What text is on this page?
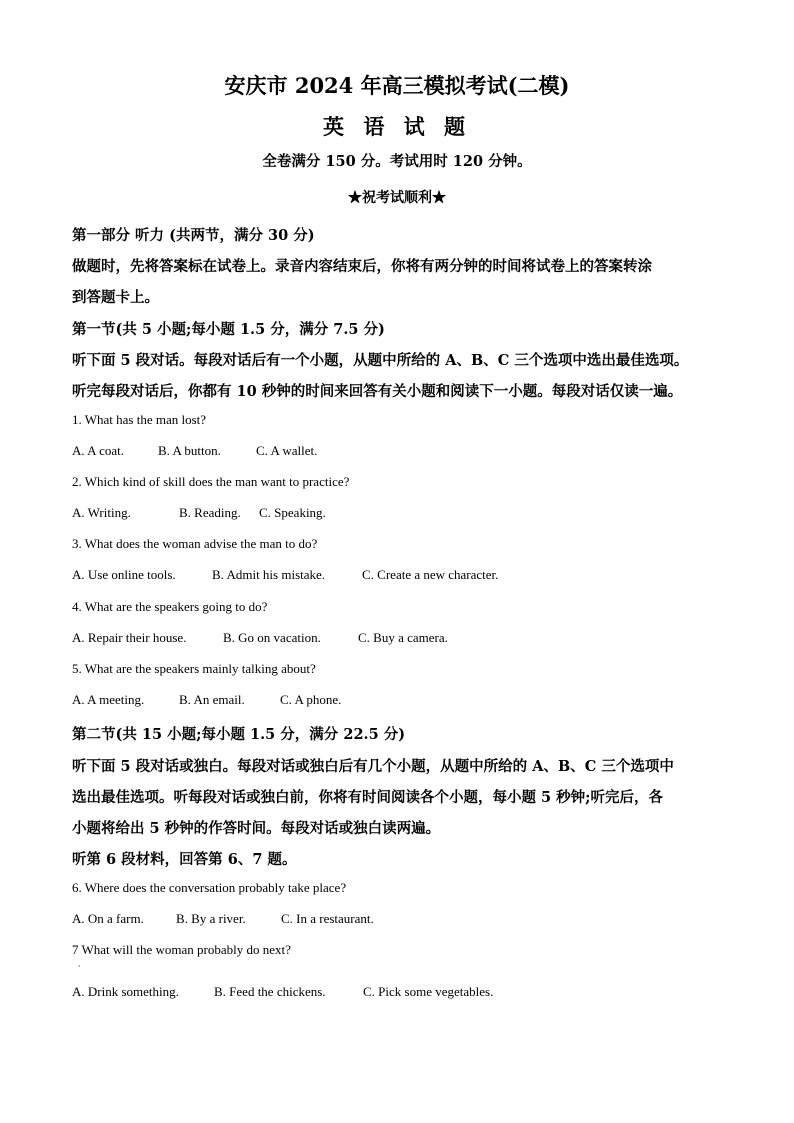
安庆市 2024 年高三模拟考试(二模)
英 语 试 题
全卷满分 150 分。考试用时 120 分钟。
★祝考试顺利★
第一部分 听力 (共两节，满分 30 分)
做题时，先将答案标在试卷上。录音内容结束后，你将有两分钟的时间将试卷上的答案转涂
到答题卡上。
第一节(共 5 小题;每小题 1.5 分，满分 7.5 分)
听下面 5 段对话。每段对话后有一个小题，从题中所给的 A、B、C 三个选项中选出最佳选项。
听完每段对话后，你都有 10 秒钟的时间来回答有关小题和阅读下一小题。每段对话仅读一遍。
1. What has the man lost?
A. A coat.	B. A button.	C. A wallet.
2. Which kind of skill does the man want to practice?
A. Writing.	B. Reading. C. Speaking.
3. What does the woman advise the man to do?
A. Use online tools.	B. Admit his mistake.	C. Create a new character.
4. What are the speakers going to do?
A. Repair their house.	B. Go on vacation.	C. Buy a camera.
5. What are the speakers mainly talking about?
A. A meeting.	B. An email.	C. A phone.
第二节(共 15 小题;每小题 1.5 分，满分 22.5 分)
听下面 5 段对话或独白。每段对话或独白后有几个小题，从题中所给的 A、B、C 三个选项中
选出最佳选项。听每段对话或独白前，你将有时间阅读各个小题，每小题 5 秒钟;听完后，各
小题将给出 5 秒钟的作答时间。每段对话或独白读两遍。
听第 6 段材料，回答第 6、7 题。
6. Where does the conversation probably take place?
A. On a farm. B. By a river.	C. In a restaurant.
7 What will the woman probably do next?
·
A. Drink something.	B. Feed the chickens.	C. Pick some vegetables.
